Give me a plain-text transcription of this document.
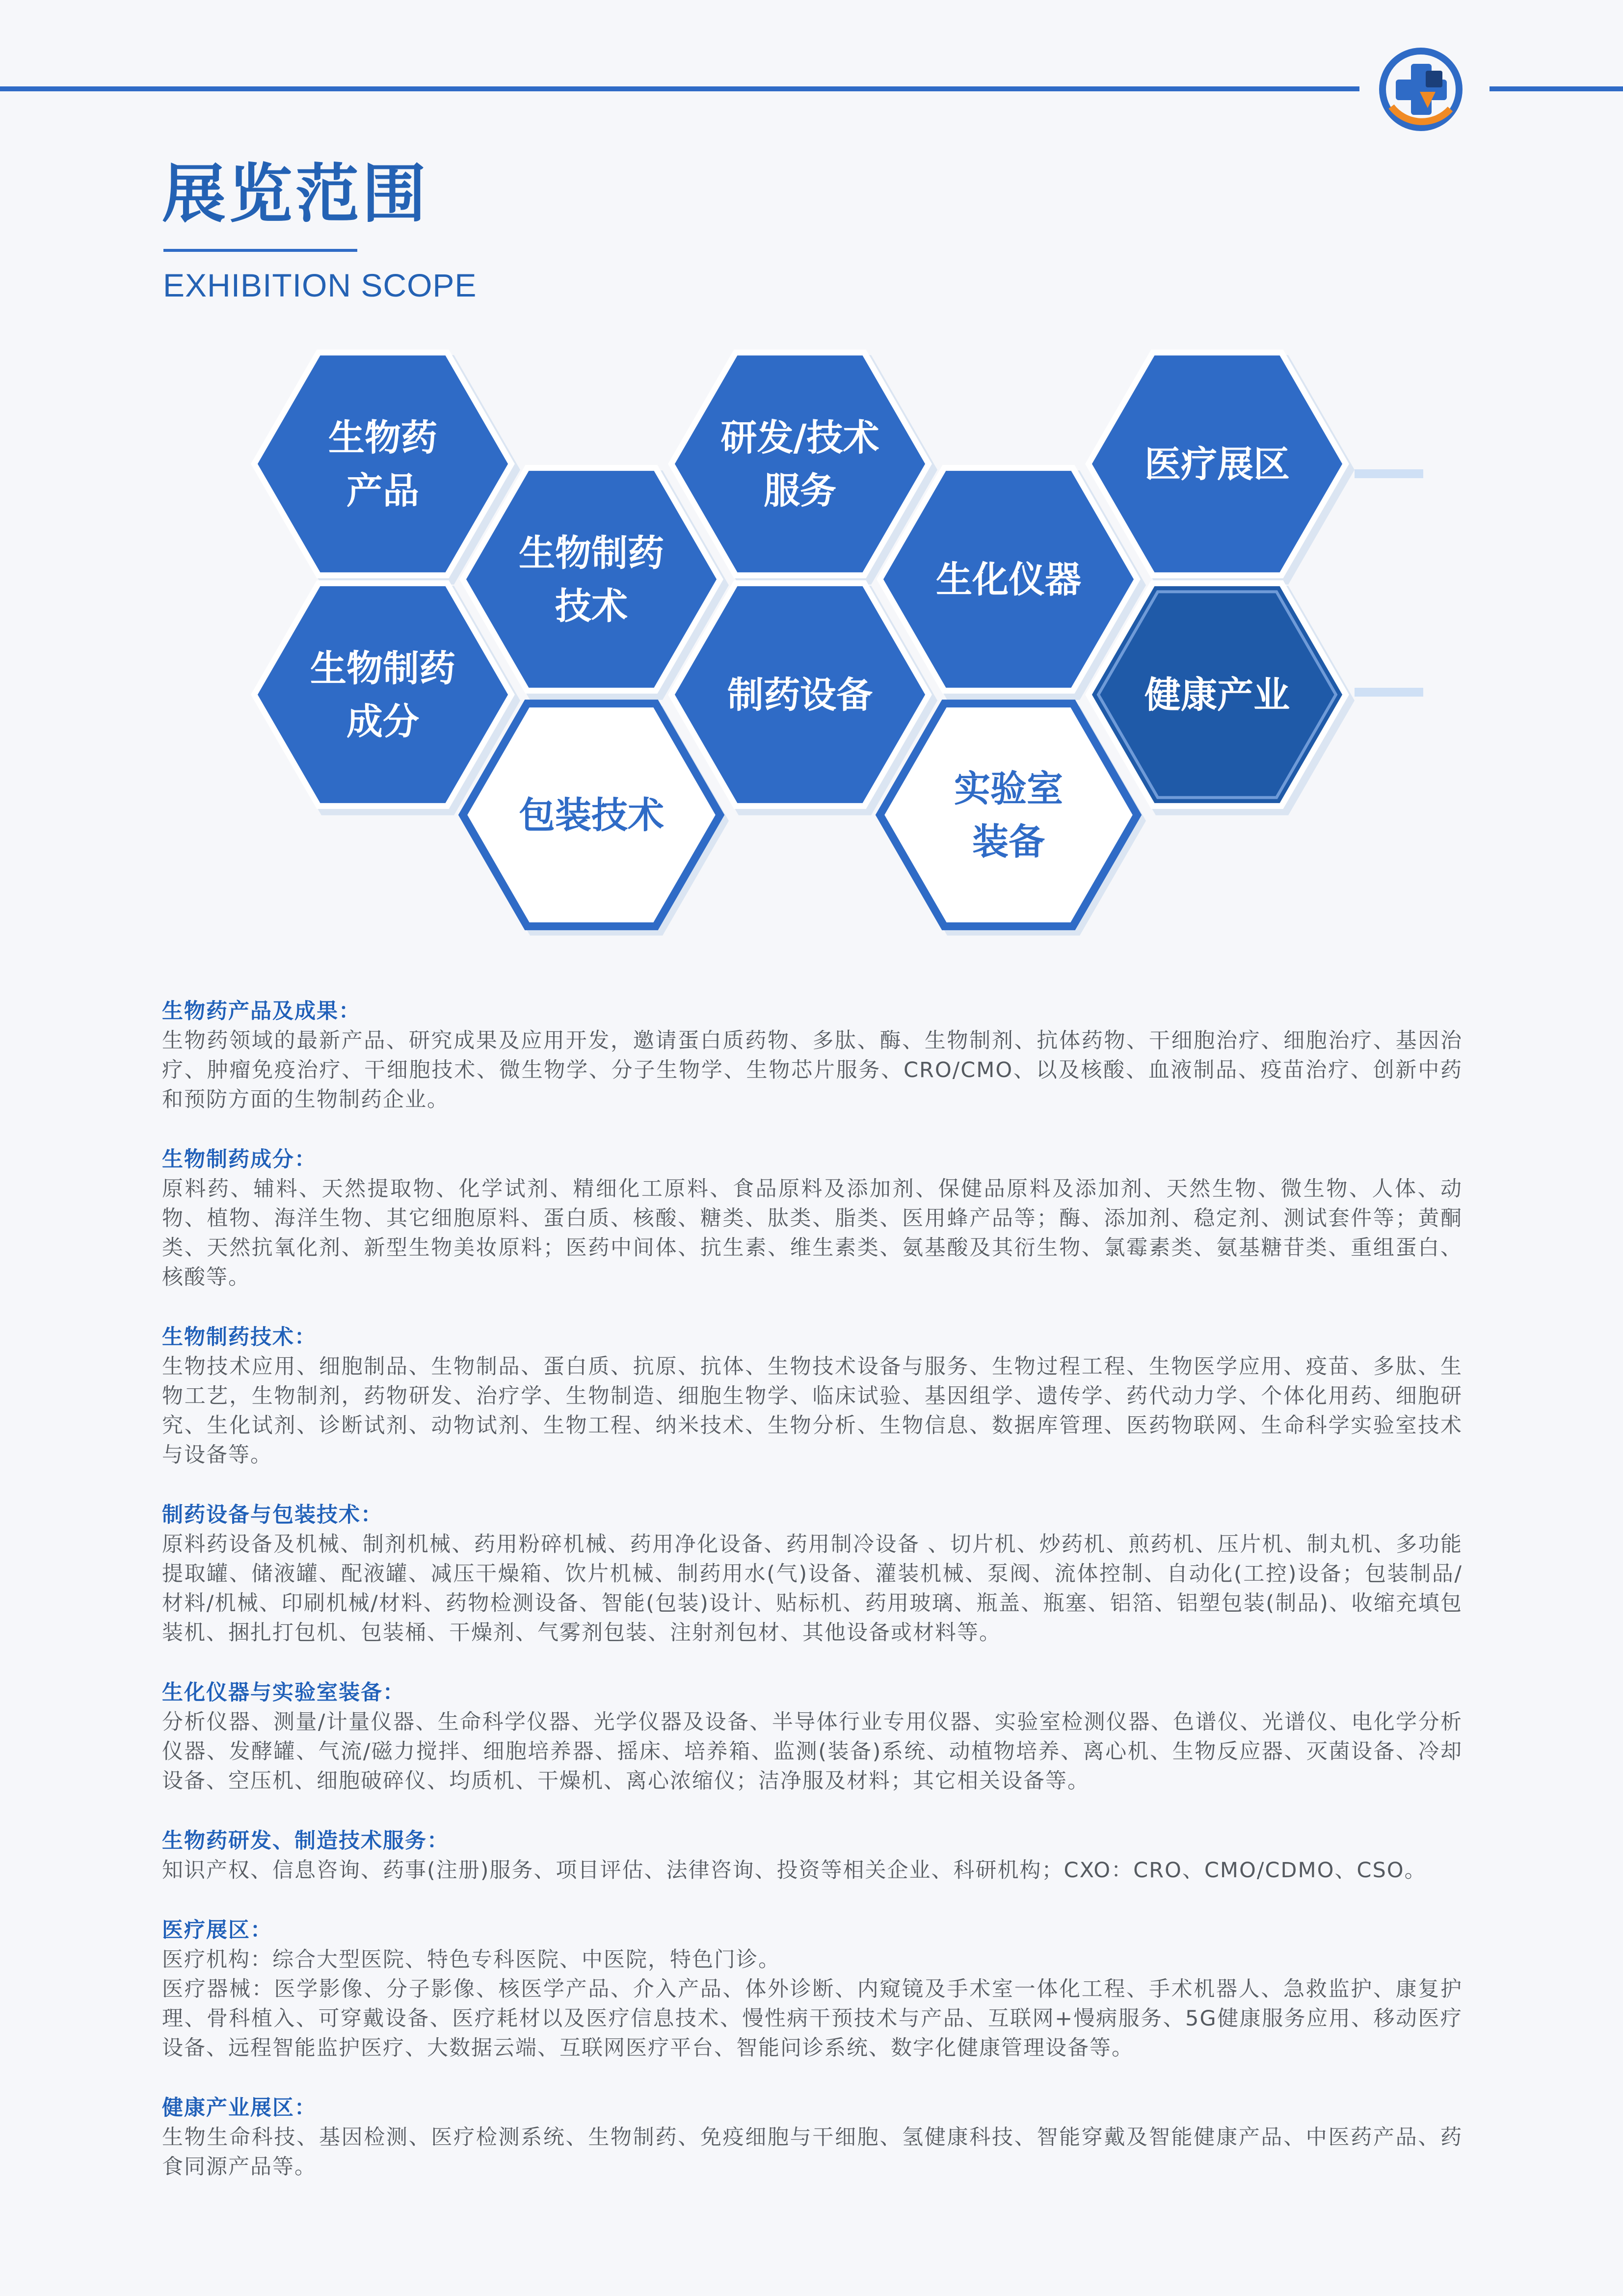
展览范围
EXHIBITION SCOPE
生物药
产品
生物制药
成分
生物制药
技术
包装技术
研发/技术
服务
制药设备
生化仪器
实验室
装备
医疗展区
健康产业
生物药产品及成果：

生物药领域的最新产品、研究成果及应用开发，邀请蛋白质药物、多肽、酶、生物制剂、抗体药物、干细胞治疗、细胞治疗、基因治疗、肿瘤免疫治疗、干细胞技术、微生物学、分子生物学、生物芯片服务、CRO/CMO、以及核酸、血液制品、疫苗治疗、创新中药和预防方面的生物制药企业。

生物制药成分：

原料药、辅料、天然提取物、化学试剂、精细化工原料、食品原料及添加剂、保健品原料及添加剂、天然生物、微生物、人体、动物、植物、海洋生物、其它细胞原料、蛋白质、核酸、糖类、肽类、脂类、医用蜂产品等；酶、添加剂、稳定剂、测试套件等；黄酮类、天然抗氧化剂、新型生物美妆原料；医药中间体、抗生素、维生素类、氨基酸及其衍生物、氯霉素类、氨基糖苷类、重组蛋白、核酸等。

生物制药技术：

生物技术应用、细胞制品、生物制品、蛋白质、抗原、抗体、生物技术设备与服务、生物过程工程、生物医学应用、疫苗、多肽、生物工艺，生物制剂，药物研发、治疗学、生物制造、细胞生物学、临床试验、基因组学、遗传学、药代动力学、个体化用药、细胞研究、生化试剂、诊断试剂、动物试剂、生物工程、纳米技术、生物分析、生物信息、数据库管理、医药物联网、生命科学实验室技术与设备等。

制药设备与包装技术：

原料药设备及机械、制剂机械、药用粉碎机械、药用净化设备、药用制冷设备 、切片机、炒药机、煎药机、压片机、制丸机、多功能提取罐、储液罐、配液罐、减压干燥箱、饮片机械、制药用水(气)设备、灌装机械、泵阀、流体控制、自动化(工控)设备；包装制品/材料/机械、印刷机械/材料、药物检测设备、智能(包装)设计、贴标机、药用玻璃、瓶盖、瓶塞、铝箔、铝塑包装(制品)、收缩充填包装机、捆扎打包机、包装桶、干燥剂、气雾剂包装、注射剂包材、其他设备或材料等。

生化仪器与实验室装备：

分析仪器、测量/计量仪器、生命科学仪器、光学仪器及设备、半导体行业专用仪器、实验室检测仪器、色谱仪、光谱仪、电化学分析仪器、发酵罐、气流/磁力搅拌、细胞培养器、摇床、培养箱、监测(装备)系统、动植物培养、离心机、生物反应器、灭菌设备、冷却设备、空压机、细胞破碎仪、均质机、干燥机、离心浓缩仪；洁净服及材料；其它相关设备等。

生物药研发、制造技术服务：

知识产权、信息咨询、药事(注册)服务、项目评估、法律咨询、投资等相关企业、科研机构；CXO：CRO、CMO/CDMO、CSO。

医疗展区：

医疗机构：综合大型医院、特色专科医院、中医院，特色门诊。

医疗器械：医学影像、分子影像、核医学产品、介入产品、体外诊断、内窥镜及手术室一体化工程、手术机器人、急救监护、康复护理、骨科植入、可穿戴设备、医疗耗材以及医疗信息技术、慢性病干预技术与产品、互联网+慢病服务、5G健康服务应用、移动医疗设备、远程智能监护医疗、大数据云端、互联网医疗平台、智能问诊系统、数字化健康管理设备等。

健康产业展区：

生物生命科技、基因检测、医疗检测系统、生物制药、免疫细胞与干细胞、氢健康科技、智能穿戴及智能健康产品、中医药产品、药食同源产品等。
